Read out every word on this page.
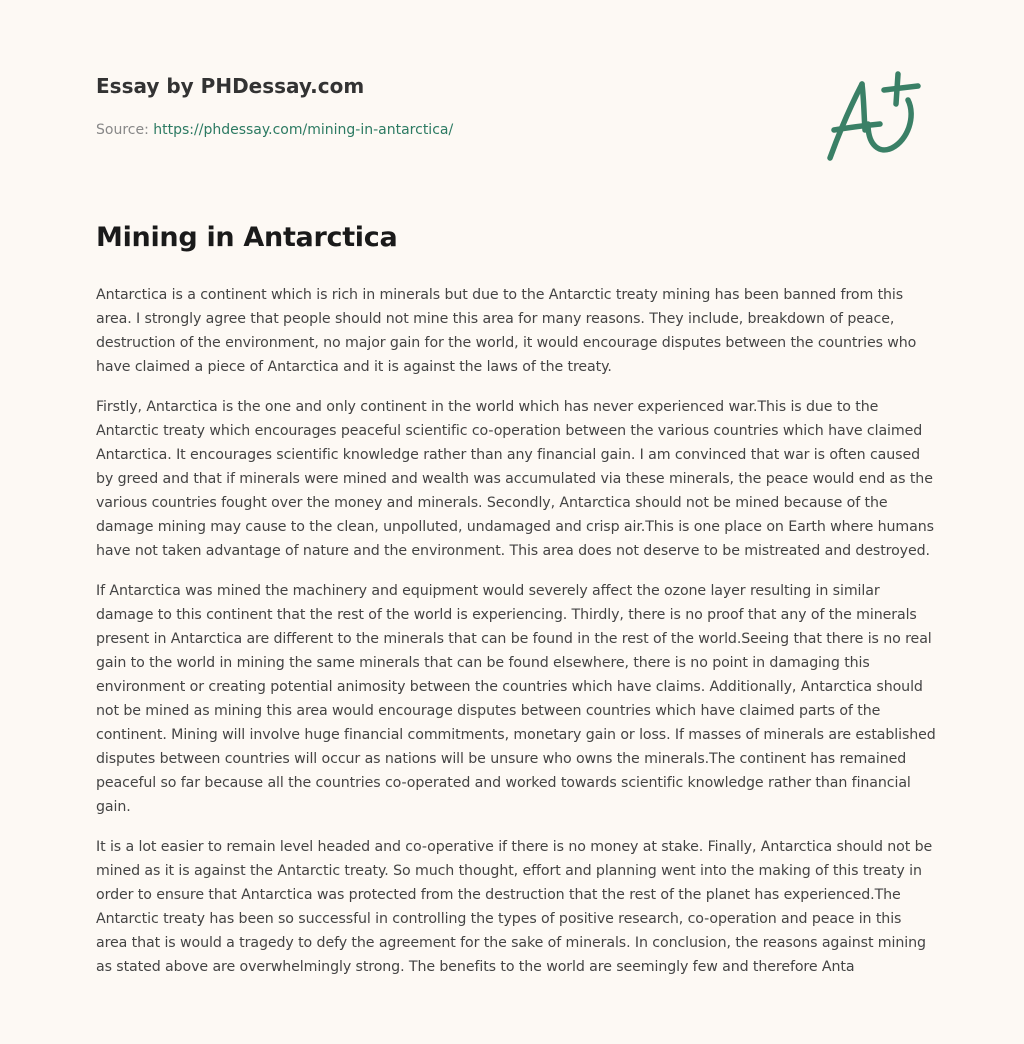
Essay by PHDessay.com
Source: https://phdessay.com/mining-in-antarctica/
Mining in Antarctica

Antarctica is a continent which is rich in minerals but due to the Antarctic treaty mining has been banned from this area. I strongly agree that people should not mine this area for many reasons. They include, breakdown of peace, destruction of the environment, no major gain for the world, it would encourage disputes between the countries who have claimed a piece of Antarctica and it is against the laws of the treaty.

Firstly, Antarctica is the one and only continent in the world which has never experienced war.This is due to the Antarctic treaty which encourages peaceful scientific co-operation between the various countries which have claimed Antarctica. It encourages scientific knowledge rather than any financial gain. I am convinced that war is often caused by greed and that if minerals were mined and wealth was accumulated via these minerals, the peace would end as the various countries fought over the money and minerals. Secondly, Antarctica should not be mined because of the damage mining may cause to the clean, unpolluted, undamaged and crisp air.This is one place on Earth where humans have not taken advantage of nature and the environment. This area does not deserve to be mistreated and destroyed.

If Antarctica was mined the machinery and equipment would severely affect the ozone layer resulting in similar damage to this continent that the rest of the world is experiencing. Thirdly, there is no proof that any of the minerals present in Antarctica are different to the minerals that can be found in the rest of the world.Seeing that there is no real gain to the world in mining the same minerals that can be found elsewhere, there is no point in damaging this environment or creating potential animosity between the countries which have claims. Additionally, Antarctica should not be mined as mining this area would encourage disputes between countries which have claimed parts of the continent. Mining will involve huge financial commitments, monetary gain or loss. If masses of minerals are established disputes between countries will occur as nations will be unsure who owns the minerals.The continent has remained peaceful so far because all the countries co-operated and worked towards scientific knowledge rather than financial gain.

It is a lot easier to remain level headed and co-operative if there is no money at stake. Finally, Antarctica should not be mined as it is against the Antarctic treaty. So much thought, effort and planning went into the making of this treaty in order to ensure that Antarctica was protected from the destruction that the rest of the planet has experienced.The Antarctic treaty has been so successful in controlling the types of positive research, co-operation and peace in this area that is would a tragedy to defy the agreement for the sake of minerals. In conclusion, the reasons against mining as stated above are overwhelmingly strong. The benefits to the world are seemingly few and therefore Anta
